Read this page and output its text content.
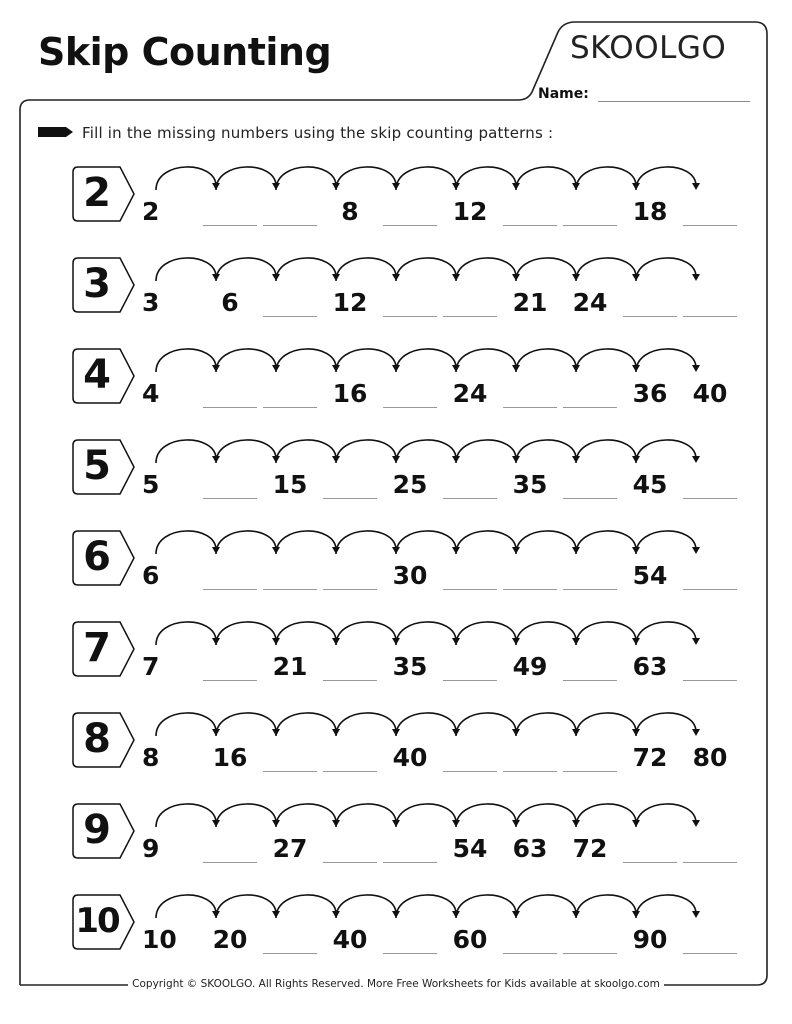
Skip Counting	SKOOLGO
Name:
Fill in the missing numbers using the skip counting patterns :
2	2	8	12	18
3	3 6	12	21 24
4	4	16	24	36 40
5	5	15	25	35	45
6	6	30	54
7	7	21	35	49	63
8	8 16	40	72 80
9	9	27	54 63 72
10 10 20	40	60	90
Copyright © SKOOLGO. All Rights Reserved. More Free Worksheets for Kids available at skoolgo.com
